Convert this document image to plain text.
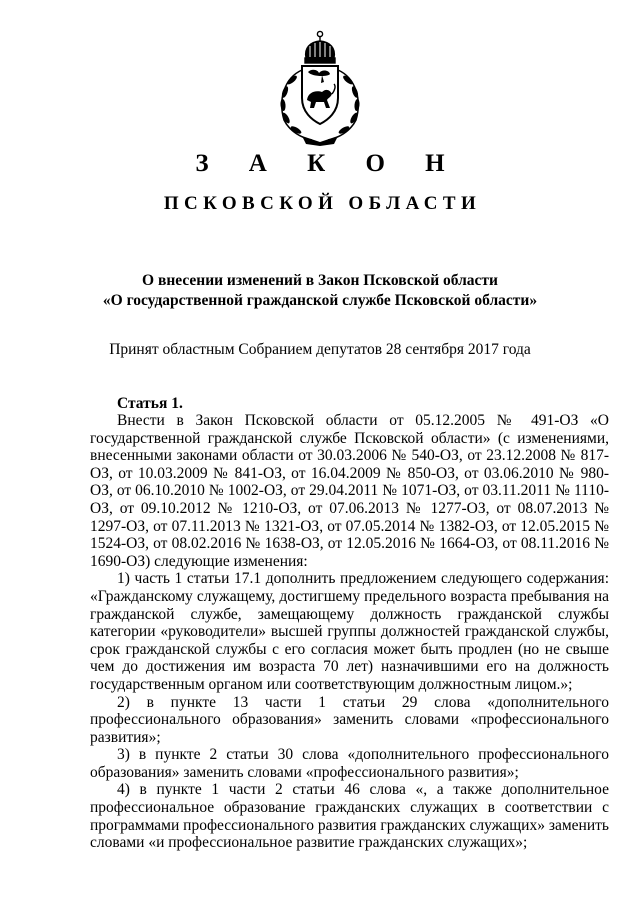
З А К О Н
ПСКОВСКОЙ ОБЛАСТИ
О внесении изменений в Закон Псковской области
«О государственной гражданской службе Псковской области»
Принят областным Собранием депутатов 28 сентября 2017 года
Статья 1.

Внести в Закон Псковской области от 05.12.2005 № 491-ОЗ «О государственной гражданской службе Псковской области» (с изменениями, внесенными законами области от 30.03.2006 № 540-ОЗ, от 23.12.2008 № 817-ОЗ, от 10.03.2009 № 841-ОЗ, от 16.04.2009 № 850-ОЗ, от 03.06.2010 № 980-ОЗ, от 06.10.2010 № 1002-ОЗ, от 29.04.2011 № 1071-ОЗ, от 03.11.2011 № 1110-ОЗ, от 09.10.2012 № 1210-ОЗ, от 07.06.2013 № 1277-ОЗ, от 08.07.2013 № 1297-ОЗ, от 07.11.2013 № 1321-ОЗ, от 07.05.2014 № 1382-ОЗ, от 12.05.2015 № 1524-ОЗ, от 08.02.2016 № 1638-ОЗ, от 12.05.2016 № 1664-ОЗ, от 08.11.2016 № 1690-ОЗ) следующие изменения:

1) часть 1 статьи 17.1 дополнить предложением следующего содержания: «Гражданскому служащему, достигшему предельного возраста пребывания на гражданской службе, замещающему должность гражданской службы категории «руководители» высшей группы должностей гражданской службы, срок гражданской службы с его согласия может быть продлен (но не свыше чем до достижения им возраста 70 лет) назначившими его на должность государственным органом или соответствующим должностным лицом.»;

2) в пункте 13 части 1 статьи 29 слова «дополнительного профессионального образования» заменить словами «профессионального развития»;

3) в пункте 2 статьи 30 слова «дополнительного профессионального образования» заменить словами «профессионального развития»;

4) в пункте 1 части 2 статьи 46 слова «, а также дополнительное профессиональное образование гражданских служащих в соответствии с программами профессионального развития гражданских служащих» заменить словами «и профессиональное развитие гражданских служащих»;
